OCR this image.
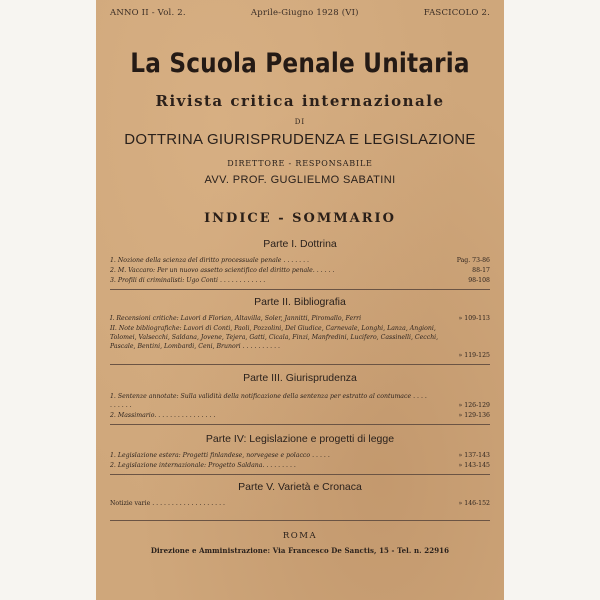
ANNO II - Vol. 2.	Aprile-Giugno 1928 (VI)	FASCICOLO 2.
La Scuola Penale Unitaria
Rivista critica internazionale
DI
DOTTRINA GIURISPRUDENZA E LEGISLAZIONE
DIRETTORE - RESPONSABILE
AVV. PROF. GUGLIELMO SABATINI
INDICE - SOMMARIO
Parte I. Dottrina
1. Nozione della scienza del diritto processuale penale . . . . . . .	Pag. 73-86
2. M. Vaccaro: Per un nuovo assetto scientifico del diritto penale. . . . . .	88-17
3. Profili di criminalisti: Ugo Conti . . . . . . . . . . . .	98-108
Parte II. Bibliografia
I. Recensioni critiche: Lavori d Florian, Altavilla, Soler, Jannitti, Piromallo, Ferri	» 109-113
II. Note bibliografiche: Lavori di Conti, Paoli, Pozzolini, Del Giudice, Carnevale, Longhi, Lanza, Angioni, Tolomei, Valsecchi, Saldana, Jovene, Tejera, Gatti, Cicala, Finzi, Manfredini, Lucifero, Cassinelli, Cecchi, Pascale, Bentini, Lombardi, Ceni, Brunori . . . . . . . . . .
» 119-125
Parte III. Giurisprudenza
1. Sentenze annotate: Sulla validità della notificazione della sentenza per estratto al contumace . . . . . . . . . .	» 126-129
2. Massimario. . . . . . . . . . . . . . . .	» 129-136
Parte IV: Legislazione e progetti di legge
1. Legislazione estera: Progetti finlandese, norvegese e polacco . . . . .	» 137-143
2. Legislazione internazionale: Progetto Saldana. . . . . . . . .	» 143-145
Parte V. Varietà e Cronaca
Notizie varie . . . . . . . . . . . . . . . . . . .	» 146-152
ROMA
Direzione e Amministrazione: Via Francesco De Sanctis, 15 - Tel. n. 22916
